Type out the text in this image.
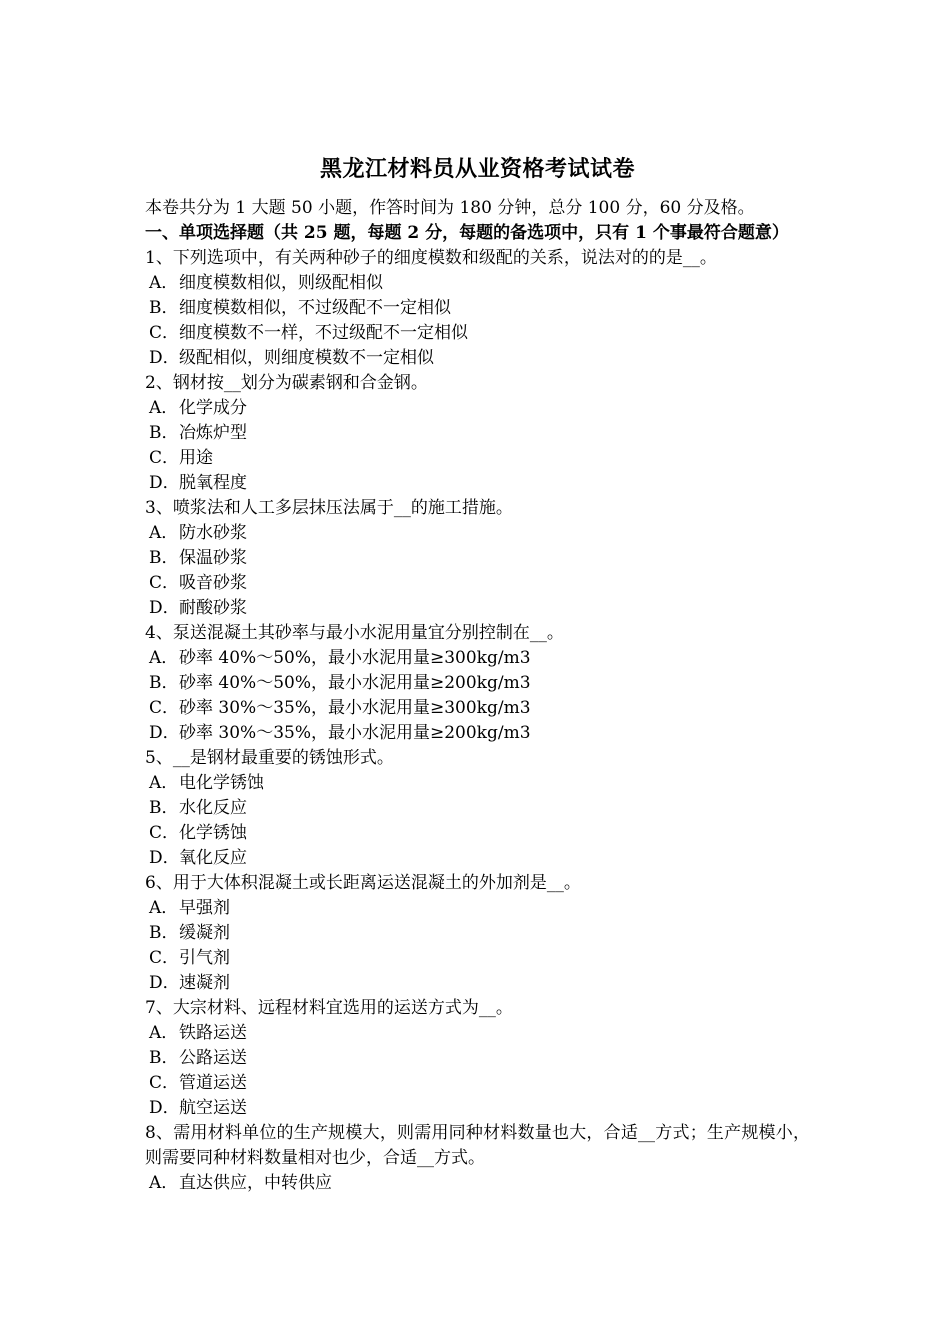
黑龙江材料员从业资格考试试卷

本卷共分为 1 大题 50 小题，作答时间为 180 分钟，总分 100 分，60 分及格。

一、单项选择题（共 25 题，每题 2 分，每题的备选项中，只有 1 个事最符合题意）

1、下列选项中，有关两种砂子的细度模数和级配的关系，说法对的的是__。

A．细度模数相似，则级配相似

B．细度模数相似，不过级配不一定相似

C．细度模数不一样，不过级配不一定相似

D．级配相似，则细度模数不一定相似

2、钢材按__划分为碳素钢和合金钢。

A．化学成分

B．冶炼炉型

C．用途

D．脱氧程度

3、喷浆法和人工多层抹压法属于__的施工措施。

A．防水砂浆

B．保温砂浆

C．吸音砂浆

D．耐酸砂浆

4、泵送混凝土其砂率与最小水泥用量宜分别控制在__。

A．砂率 40%～50%，最小水泥用量≥300kg/m3

B．砂率 40%～50%，最小水泥用量≥200kg/m3

C．砂率 30%～35%，最小水泥用量≥300kg/m3

D．砂率 30%～35%，最小水泥用量≥200kg/m3

5、__是钢材最重要的锈蚀形式。

A．电化学锈蚀

B．水化反应

C．化学锈蚀

D．氧化反应

6、用于大体积混凝土或长距离运送混凝土的外加剂是__。

A．早强剂

B．缓凝剂

C．引气剂

D．速凝剂

7、大宗材料、远程材料宜选用的运送方式为__。

A．铁路运送

B．公路运送

C．管道运送

D．航空运送

8、需用材料单位的生产规模大，则需用同种材料数量也大，合适__方式；生产规模小，则需要同种材料数量相对也少，合适__方式。

A．直达供应，中转供应
